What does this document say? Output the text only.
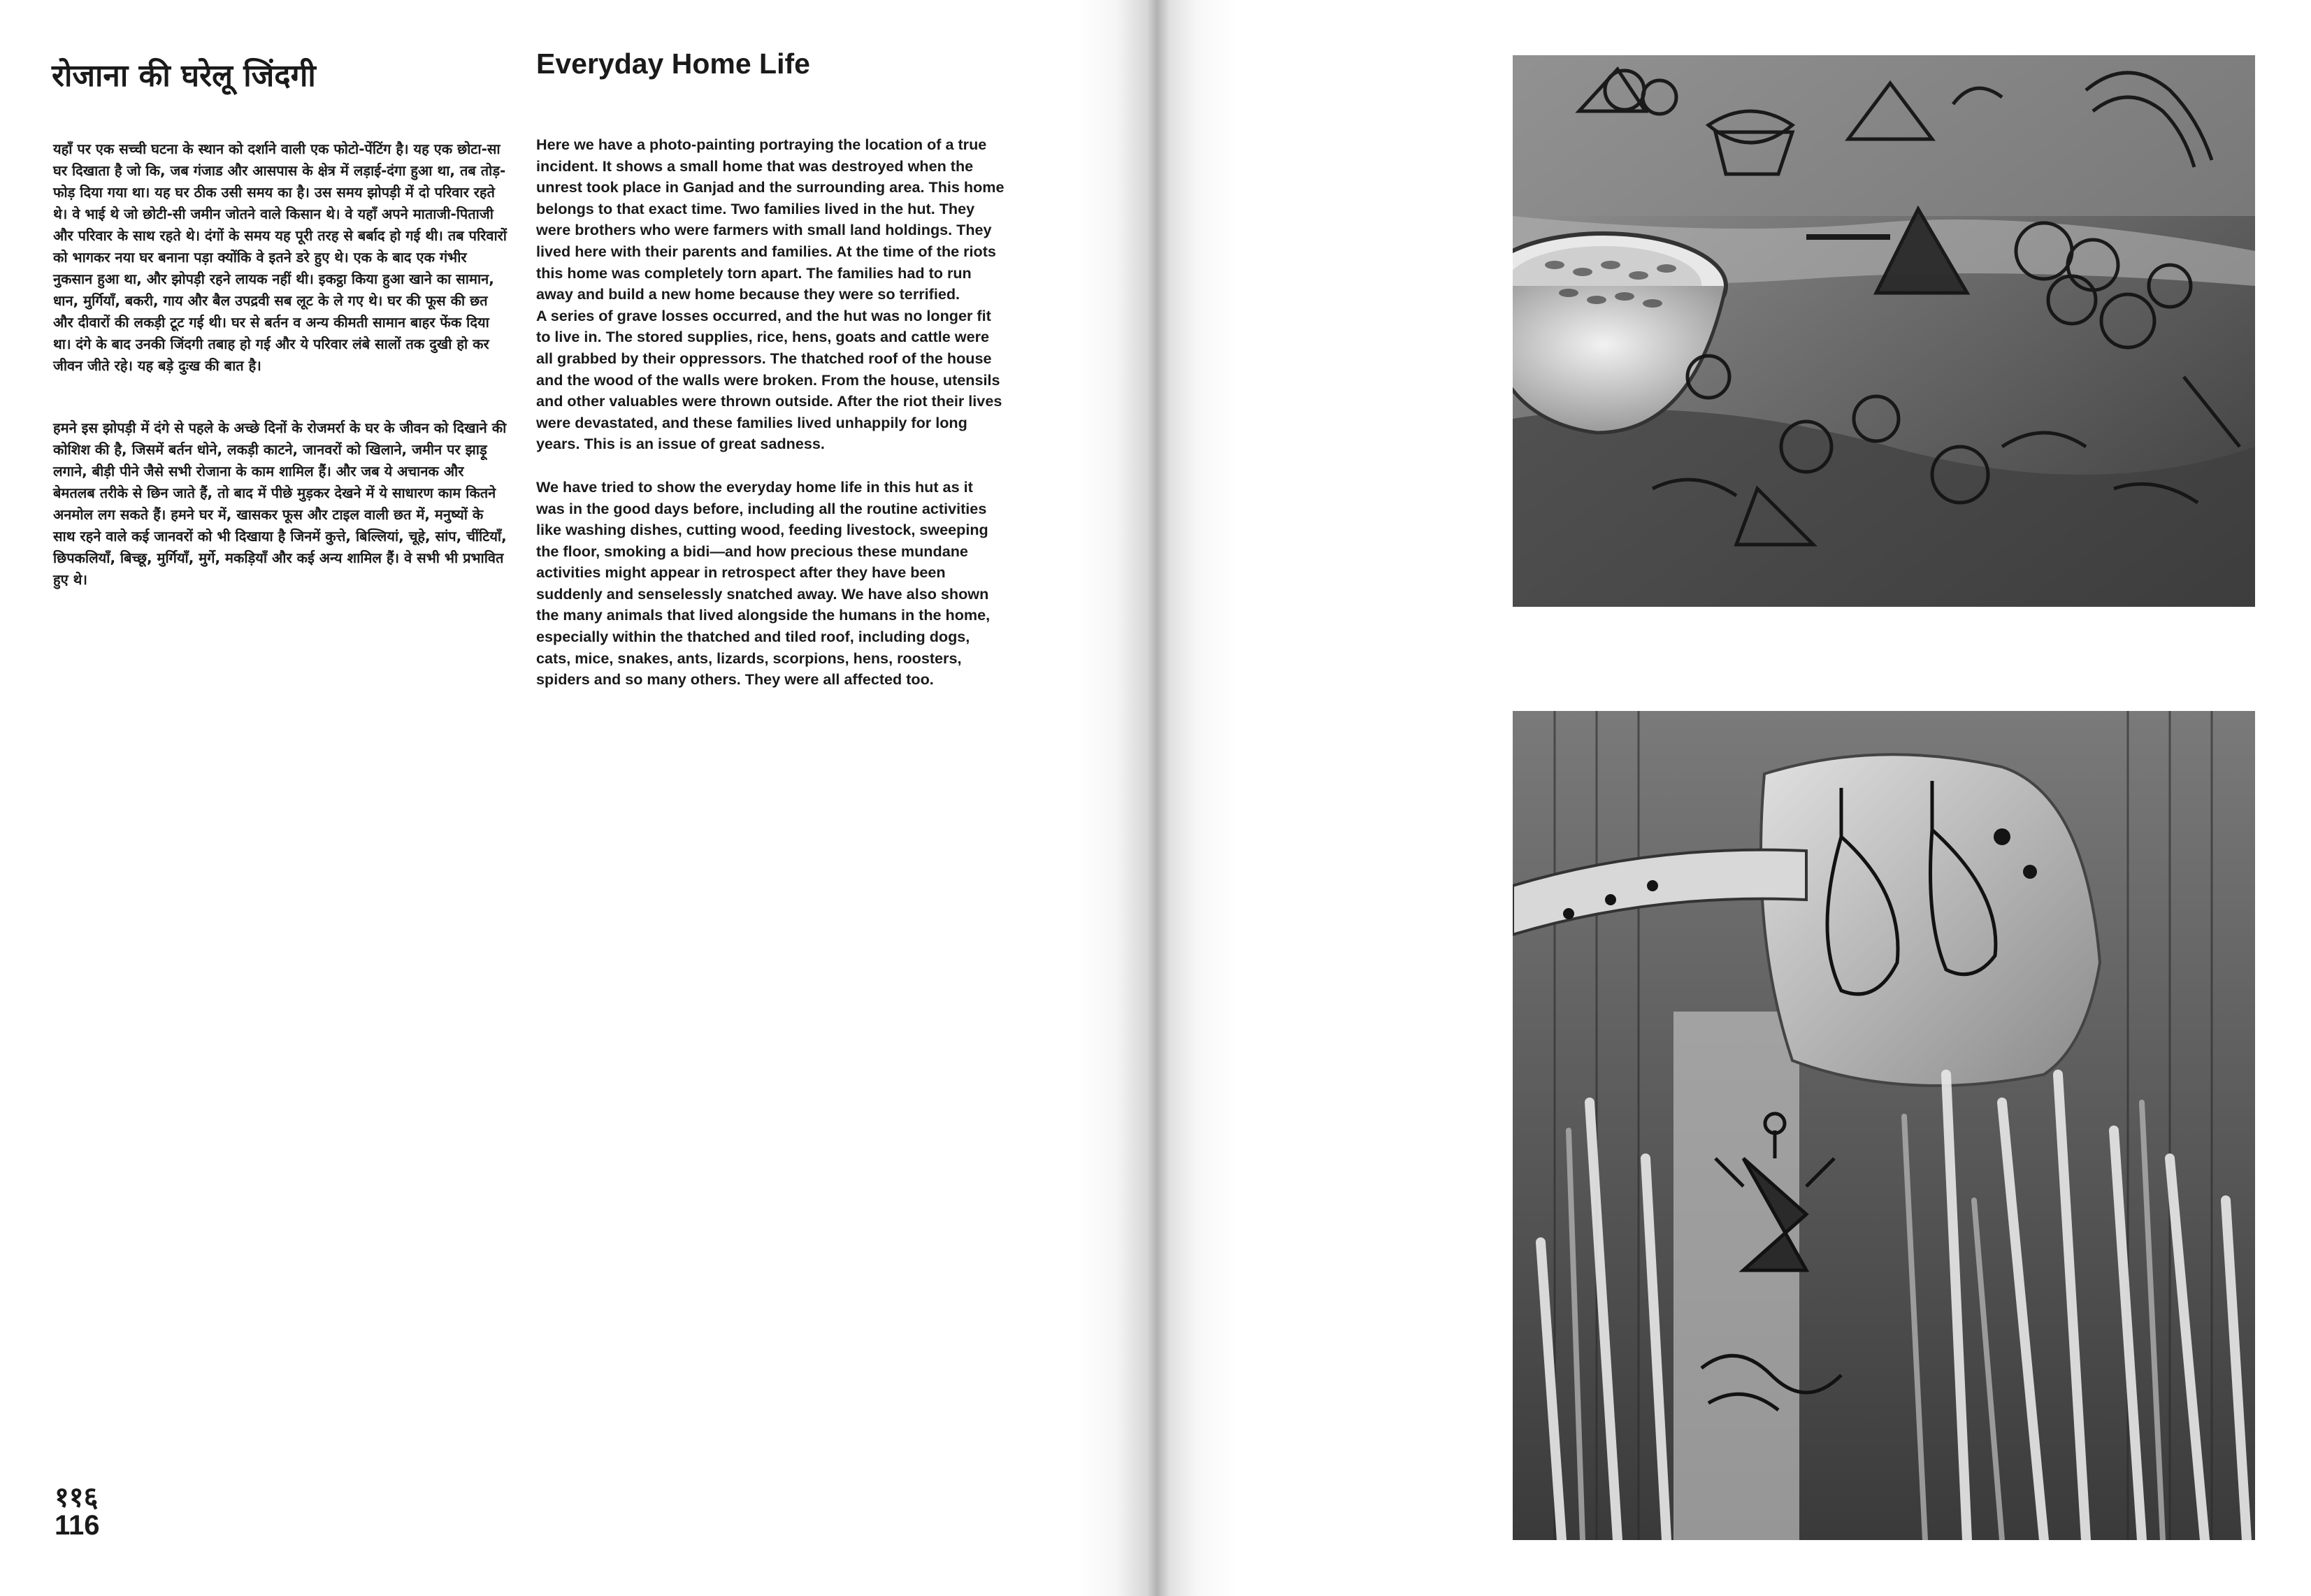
रोजाना की घरेलू जिंदगी	Everyday Home Life

यहाँ पर एक सच्ची घटना के स्थान को दर्शाने वाली एक फोटो-पेंटिंग है। यह एक छोटा-सा घर दिखाता है जो कि, जब गंजाड और आसपास के क्षेत्र में लड़ाई-दंगा हुआ था, तब तोड़-फोड़ दिया गया था। यह घर ठीक उसी समय का है। उस समय झोपड़ी में दो परिवार रहते थे। वे भाई थे जो छोटी-सी जमीन जोतने वाले किसान थे। वे यहाँ अपने माताजी-पिताजी और परिवार के साथ रहते थे। दंगों के समय यह पूरी तरह से बर्बाद हो गई थी। तब परिवारों को भागकर नया घर बनाना पड़ा क्योंकि वे इतने डरे हुए थे। एक के बाद एक गंभीर नुकसान हुआ था, और झोपड़ी रहने लायक नहीं थी। इकट्ठा किया हुआ खाने का सामान, धान, मुर्गियाँ, बकरी, गाय और बैल उपद्रवी सब लूट के ले गए थे। घर की फूस की छत और दीवारों की लकड़ी टूट गई थी। घर से बर्तन व अन्य कीमती सामान बाहर फेंक दिया था। दंगे के बाद उनकी जिंदगी तबाह हो गई और ये परिवार लंबे सालों तक दुखी हो कर जीवन जीते रहे। यह बड़े दुःख की बात है।

हमने इस झोपड़ी में दंगे से पहले के अच्छे दिनों के रोजमर्रा के घर के जीवन को दिखाने की कोशिश की है, जिसमें बर्तन धोने, लकड़ी काटने, जानवरों को खिलाने, जमीन पर झाड़ू लगाने, बीड़ी पीने जैसे सभी रोजाना के काम शामिल हैं। और जब ये अचानक और बेमतलब तरीके से छिन जाते हैं, तो बाद में पीछे मुड़कर देखने में ये साधारण काम कितने अनमोल लग सकते हैं। हमने घर में, खासकर फूस और टाइल वाली छत में, मनुष्यों के साथ रहने वाले कई जानवरों को भी दिखाया है जिनमें कुत्ते, बिल्लियां, चूहे, सांप, चींटियाँ, छिपकलियाँ, बिच्छू, मुर्गियाँ, मुर्गे, मकड़ियाँ और कई अन्य शामिल हैं। वे सभी भी प्रभावित हुए थे।

Here we have a photo-painting portraying the location of a true incident. It shows a small home that was destroyed when the unrest took place in Ganjad and the surrounding area. This home belongs to that exact time. Two families lived in the hut. They were brothers who were farmers with small land holdings. They lived here with their parents and families. At the time of the riots this home was completely torn apart. The families had to run away and build a new home because they were so terrified.
A series of grave losses occurred, and the hut was no longer fit to live in. The stored supplies, rice, hens, goats and cattle were all grabbed by their oppressors. The thatched roof of the house and the wood of the walls were broken. From the house, utensils and other valuables were thrown outside. After the riot their lives were devastated, and these families lived unhappily for long years. This is an issue of great sadness.

We have tried to show the everyday home life in this hut as it was in the good days before, including all the routine activities like washing dishes, cutting wood, feeding livestock, sweeping the floor, smoking a bidi—and how precious these mundane activities might appear in retrospect after they have been suddenly and senselessly snatched away. We have also shown the many animals that lived alongside the humans in the home, especially within the thatched and tiled roof, including dogs, cats, mice, snakes, ants, lizards, scorpions, hens, roosters, spiders and so many others. They were all affected too.

११६
116
